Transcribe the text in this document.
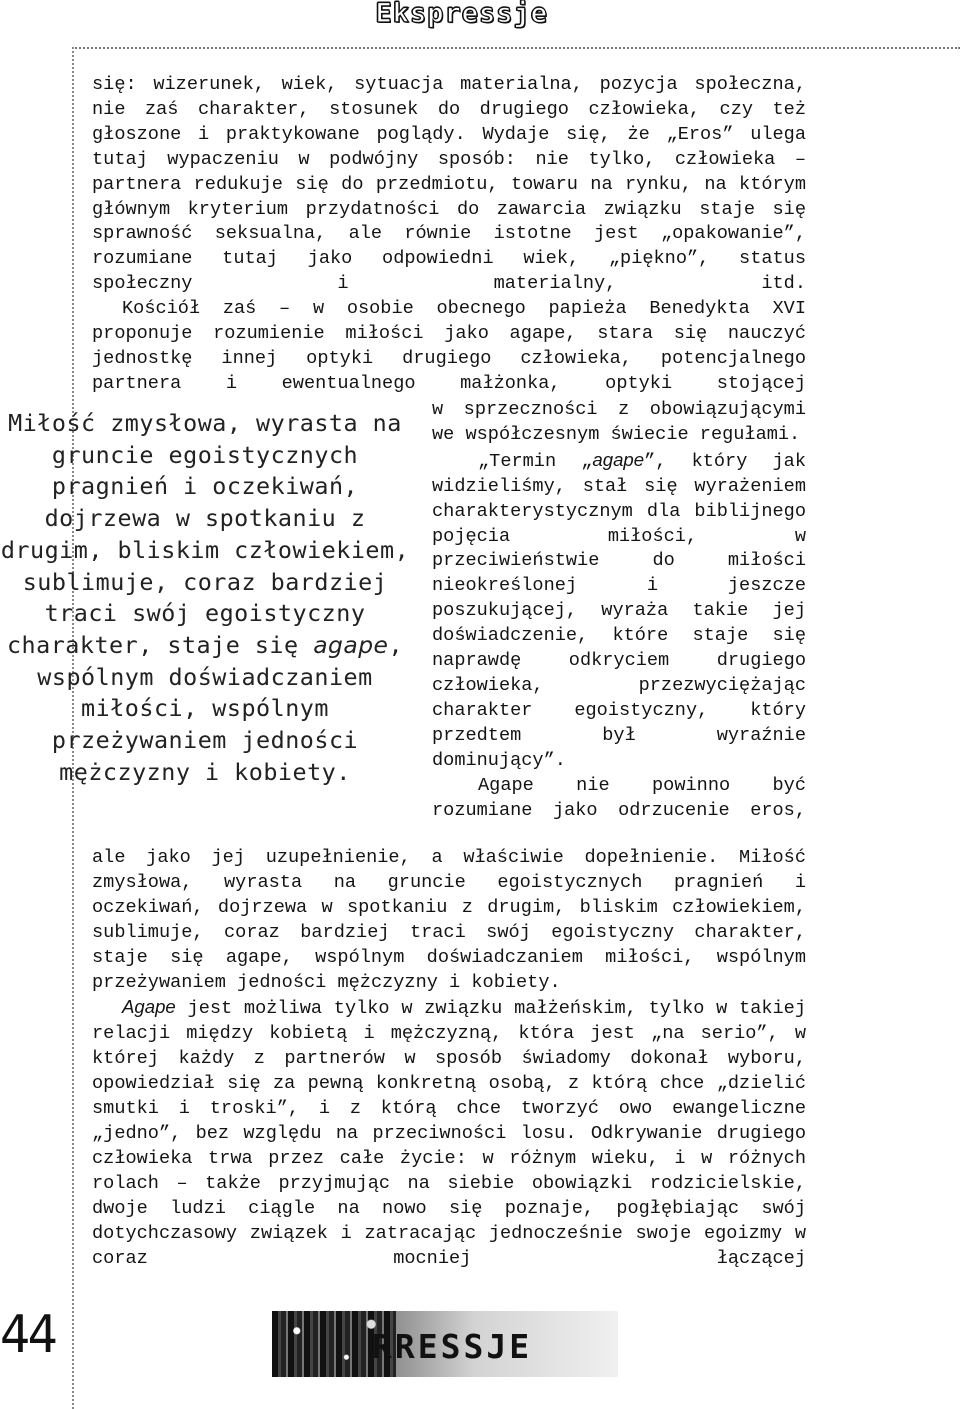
Ekspressje

się: wizerunek, wiek, sytuacja materialna, pozycja społeczna, nie zaś charakter, stosunek do drugiego człowieka, czy też głoszone i praktykowane poglądy. Wydaje się, że „Eros” ulega tutaj wypaczeniu w podwójny sposób: nie tylko, człowieka – partnera redukuje się do przedmiotu, towaru na rynku, na którym głównym kryterium przydatności do zawarcia związku staje się sprawność seksualna, ale równie istotne jest „opakowanie”, rozumiane tutaj jako odpowiedni wiek, „piękno”, status społeczny i materialny, itd.

Kościół zaś – w osobie obecnego papieża Benedykta XVI proponuje rozumienie miłości jako agape, stara się nauczyć jednostkę innej optyki drugiego człowieka, potencjalnego partnera i ewentualnego małżonka, optyki stojącej

Miłość zmysłowa, wyrasta na gruncie egoistycznych pragnień i oczekiwań, dojrzewa w spotkaniu z drugim, bliskim człowiekiem, sublimuje, coraz bardziej traci swój egoistyczny charakter, staje się agape, wspólnym doświadczaniem miłości, wspólnym przeżywaniem jedności mężczyzny i kobiety.

w sprzeczności z obowiązującymi we współczesnym świecie regułami.

„Termin „agape”, który jak widzieliśmy, stał się wyrażeniem charakterystycznym dla biblijnego pojęcia miłości, w przeciwieństwie do miłości nieokreślonej i jeszcze poszukującej, wyraża takie jej doświadczenie, które staje się naprawdę odkryciem drugiego człowieka, przezwyciężając charakter egoistyczny, który przedtem był wyraźnie dominujący”.

Agape nie powinno być rozumiane jako odrzucenie eros,

ale jako jej uzupełnienie, a właściwie dopełnienie. Miłość zmysłowa, wyrasta na gruncie egoistycznych pragnień i oczekiwań, dojrzewa w spotkaniu z drugim, bliskim człowiekiem, sublimuje, coraz bardziej traci swój egoistyczny charakter, staje się agape, wspólnym doświadczaniem miłości, wspólnym przeżywaniem jedności mężczyzny i kobiety.

Agape jest możliwa tylko w związku małżeńskim, tylko w takiej relacji między kobietą i mężczyzną, która jest „na serio”, w której każdy z partnerów w sposób świadomy dokonał wyboru, opowiedział się za pewną konkretną osobą, z którą chce „dzielić smutki i troski”, i z którą chce tworzyć owo ewangeliczne „jedno”, bez względu na przeciwności losu. Odkrywanie drugiego człowieka trwa przez całe życie: w różnym wieku, i w różnych rolach – także przyjmując na siebie obowiązki rodzicielskie, dwoje ludzi ciągle na nowo się poznaje, pogłębiając swój dotychczasowy związek i zatracając jednocześnie swoje egoizmy w coraz mocniej łączącej

44	RRESSJE
